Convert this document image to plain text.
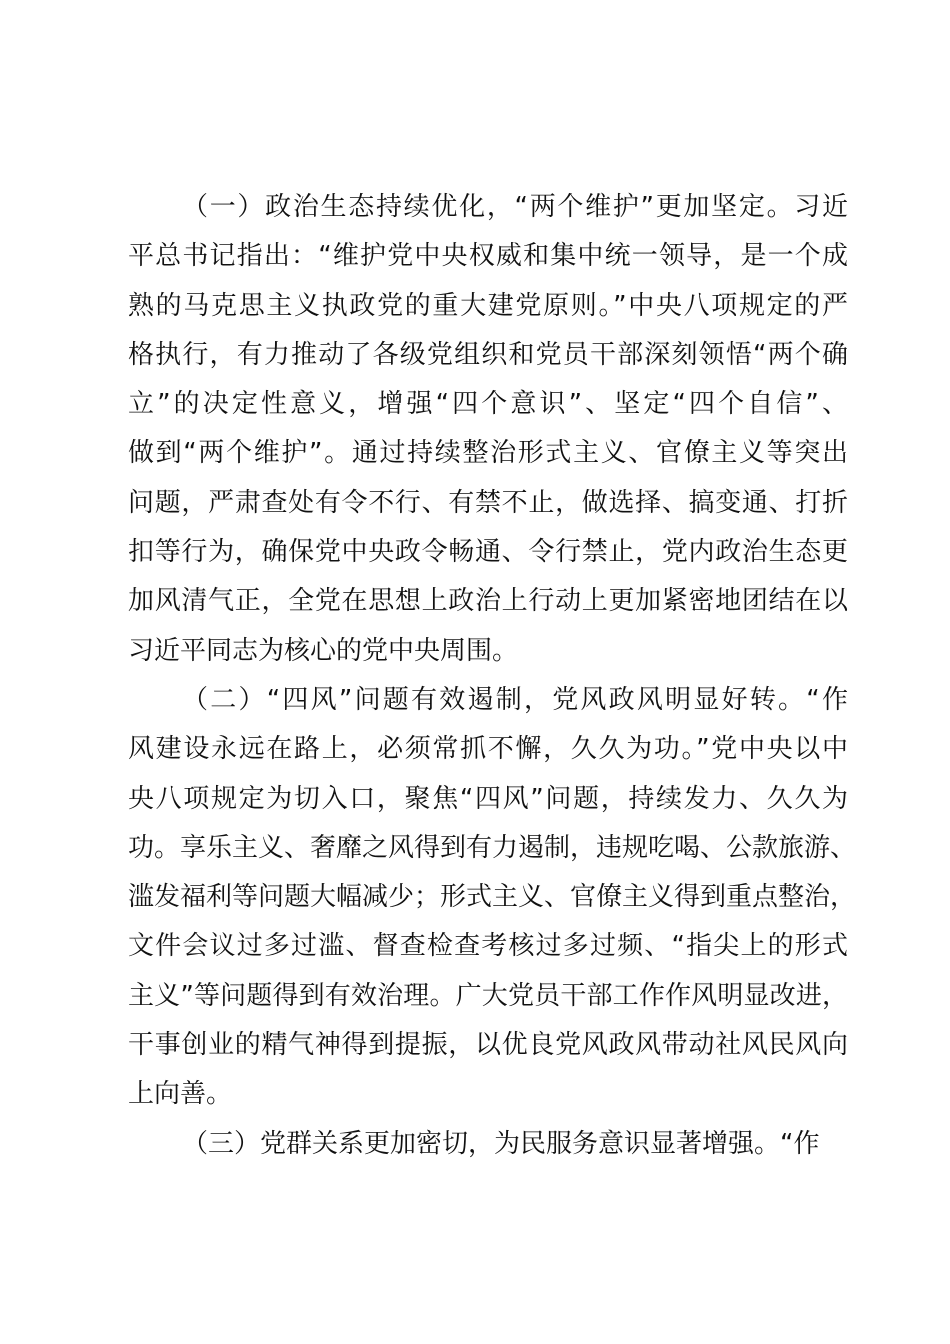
（一）政治生态持续优化，“两个维护”更加坚定。习近
平总书记指出：“维护党中央权威和集中统一领导，是一个成
熟的马克思主义执政党的重大建党原则。”中央八项规定的严
格执行，有力推动了各级党组织和党员干部深刻领悟“两个确
立”的决定性意义，增强“四个意识”、坚定“四个自信”、
做到“两个维护”。通过持续整治形式主义、官僚主义等突出
问题，严肃查处有令不行、有禁不止，做选择、搞变通、打折
扣等行为，确保党中央政令畅通、令行禁止，党内政治生态更
加风清气正，全党在思想上政治上行动上更加紧密地团结在以
习近平同志为核心的党中央周围。
（二）“四风”问题有效遏制，党风政风明显好转。“作
风建设永远在路上，必须常抓不懈，久久为功。”党中央以中
央八项规定为切入口，聚焦“四风”问题，持续发力、久久为
功。享乐主义、奢靡之风得到有力遏制，违规吃喝、公款旅游、
滥发福利等问题大幅减少；形式主义、官僚主义得到重点整治，
文件会议过多过滥、督查检查考核过多过频、“指尖上的形式
主义”等问题得到有效治理。广大党员干部工作作风明显改进，
干事创业的精气神得到提振，以优良党风政风带动社风民风向
上向善。
（三）党群关系更加密切，为民服务意识显著增强。“作
